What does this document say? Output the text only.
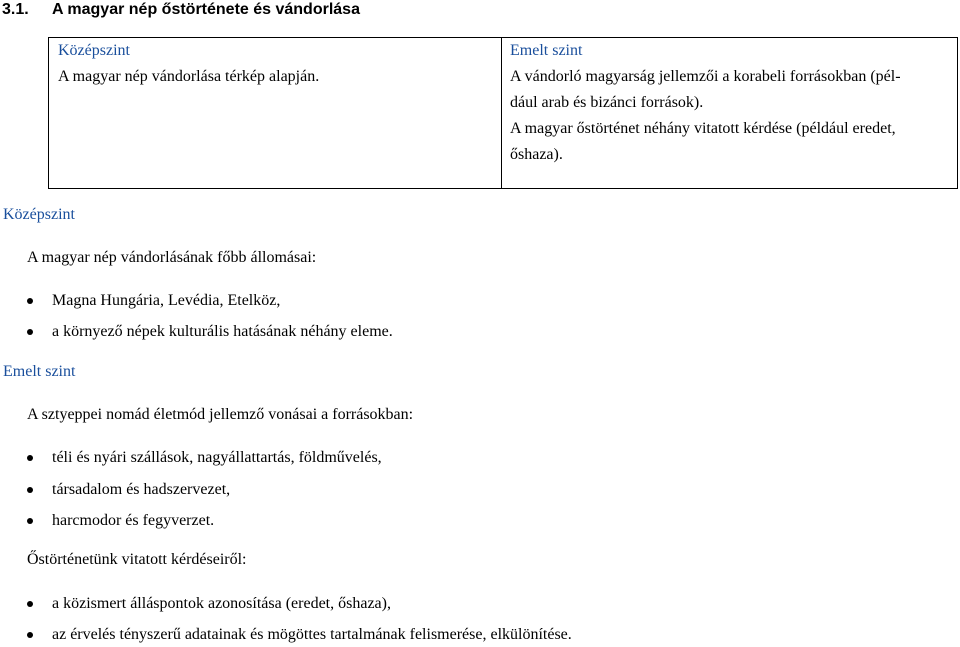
3.1. A magyar nép őstörténete és vándorlása
Középszint
A magyar nép vándorlása térkép alapján.
Emelt szint
A vándorló magyarság jellemzői a korabeli forrásokban (pél-
dául arab és bizánci források).
A magyar őstörténet néhány vitatott kérdése (például eredet,
őshaza).
Középszint
A magyar nép vándorlásának főbb állomásai:
Magna Hungária, Levédia, Etelköz,
a környező népek kulturális hatásának néhány eleme.
Emelt szint
A sztyeppei nomád életmód jellemző vonásai a forrásokban:
téli és nyári szállások, nagyállattartás, földművelés,
társadalom és hadszervezet,
harcmodor és fegyverzet.
Őstörténetünk vitatott kérdéseiről:
a közismert álláspontok azonosítása (eredet, őshaza),
az érvelés tényszerű adatainak és mögöttes tartalmának felismerése, elkülönítése.
